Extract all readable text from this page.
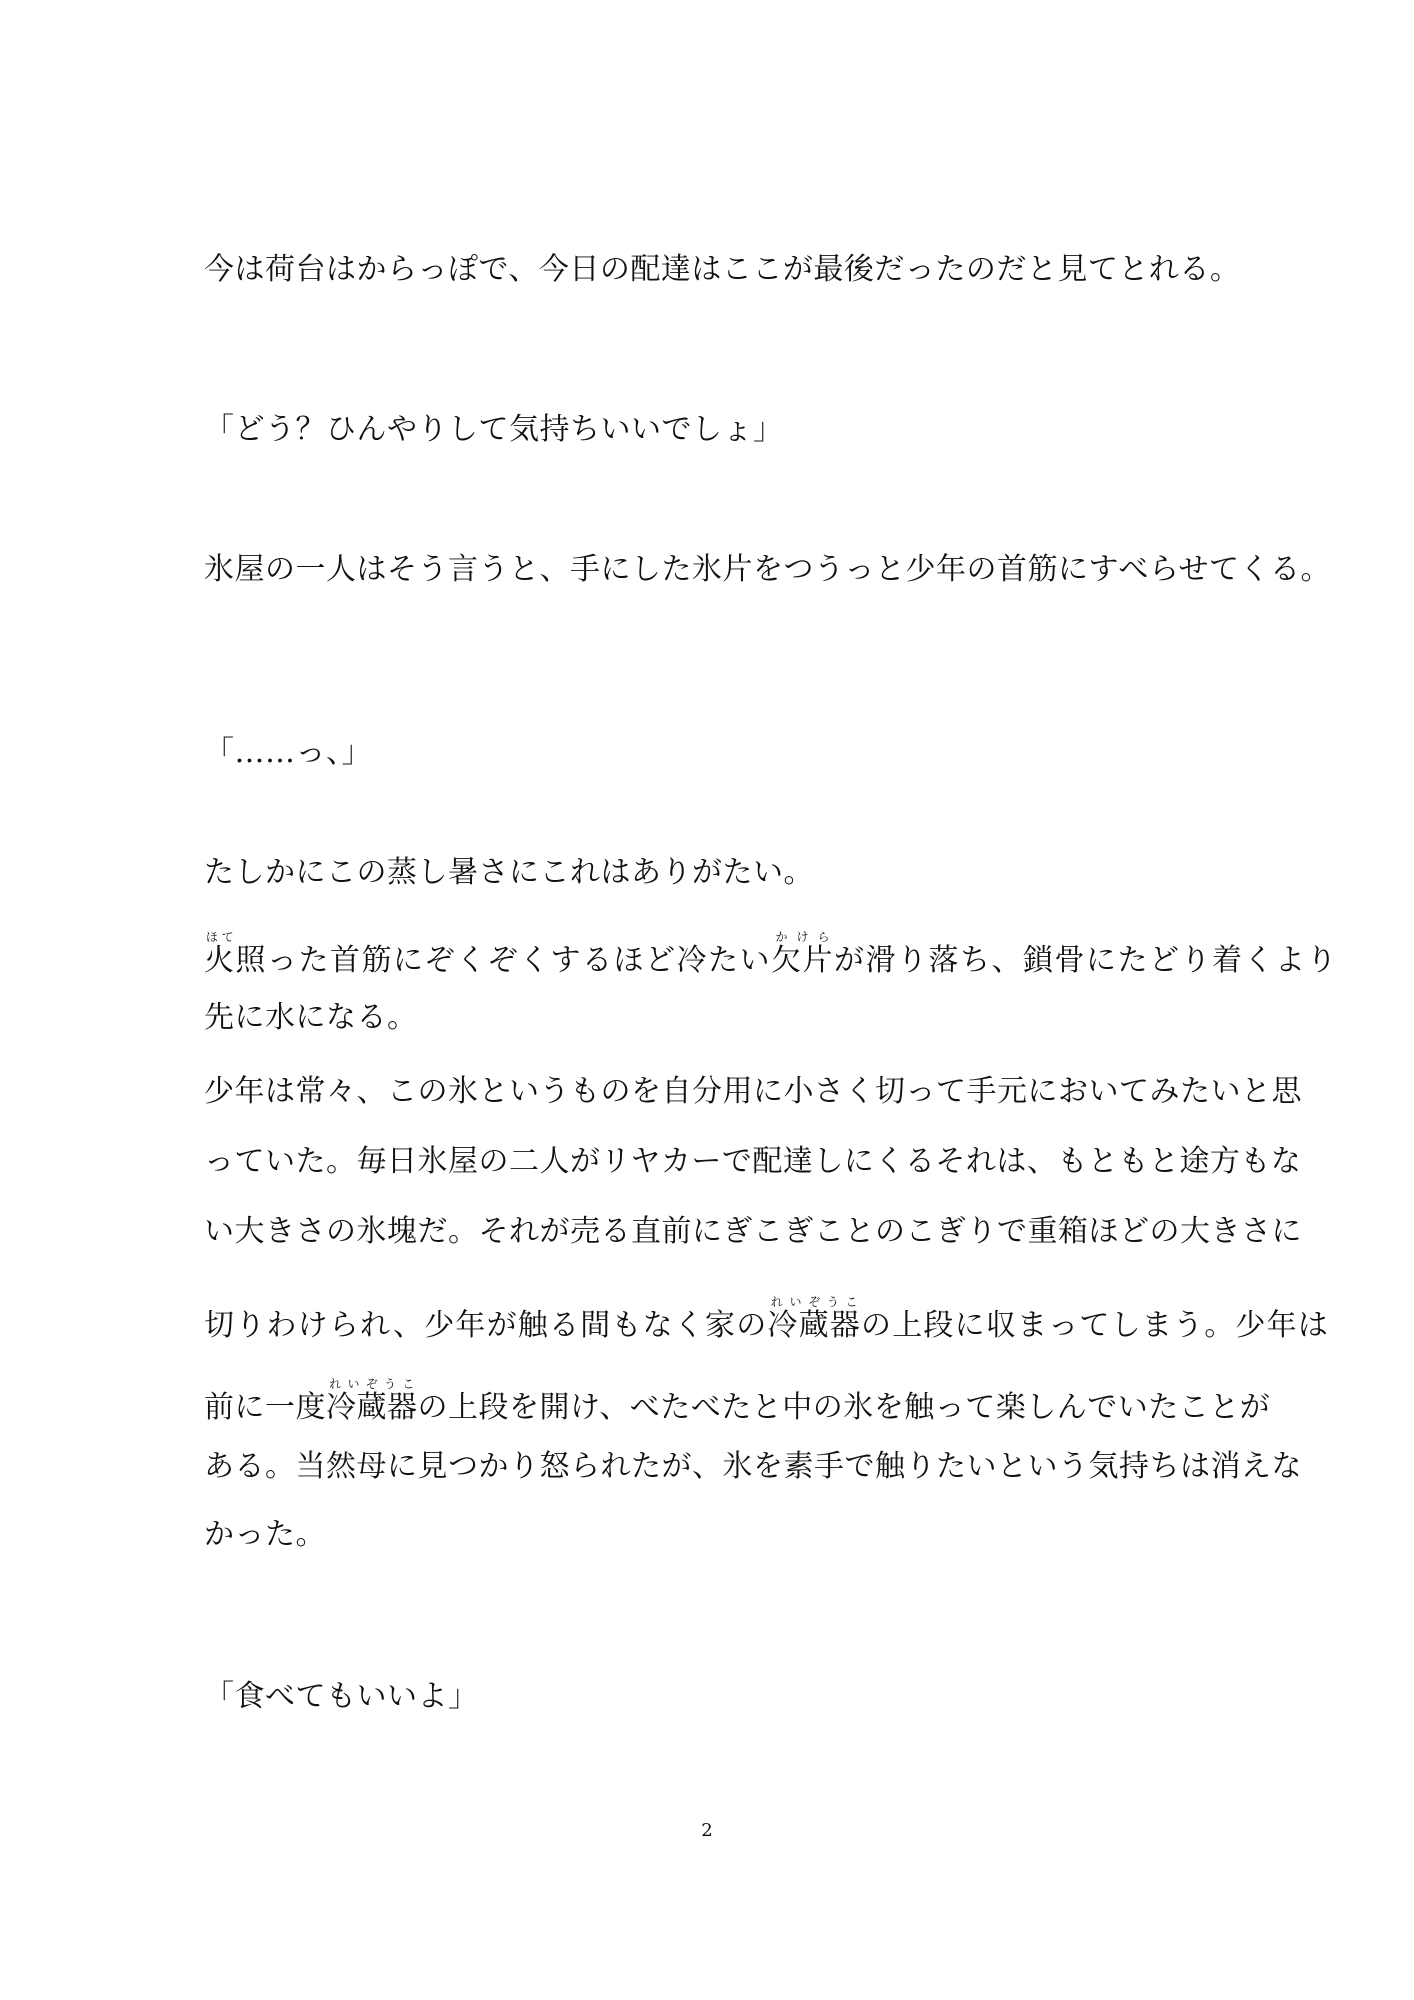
今は荷台はからっぽで、今日の配達はここが最後だったのだと見てとれる。
「どう？ひんやりして気持ちいいでしょ」
氷屋の一人はそう言うと、手にした氷片をつうっと少年の首筋にすべらせてくる。
「……っ、」
たしかにこの蒸し暑さにこれはありがたい。
火ほて照った首筋にぞくぞくするほど冷たい欠片かけらが滑り落ち、鎖骨にたどり着くより
先に水になる。
少年は常々、この氷というものを自分用に小さく切って手元においてみたいと思
っていた。毎日氷屋の二人がリヤカーで配達しにくるそれは、もともと途方もな
い大きさの氷塊だ。それが売る直前にぎこぎことのこぎりで重箱ほどの大きさに
切りわけられ、少年が触る間もなく家の冷蔵器れいぞうこの上段に収まってしまう。少年は
前に一度冷蔵器れいぞうこの上段を開け、べたべたと中の氷を触って楽しんでいたことが
ある。当然母に見つかり怒られたが、氷を素手で触りたいという気持ちは消えな
かった。
「食べてもいいよ」
2
